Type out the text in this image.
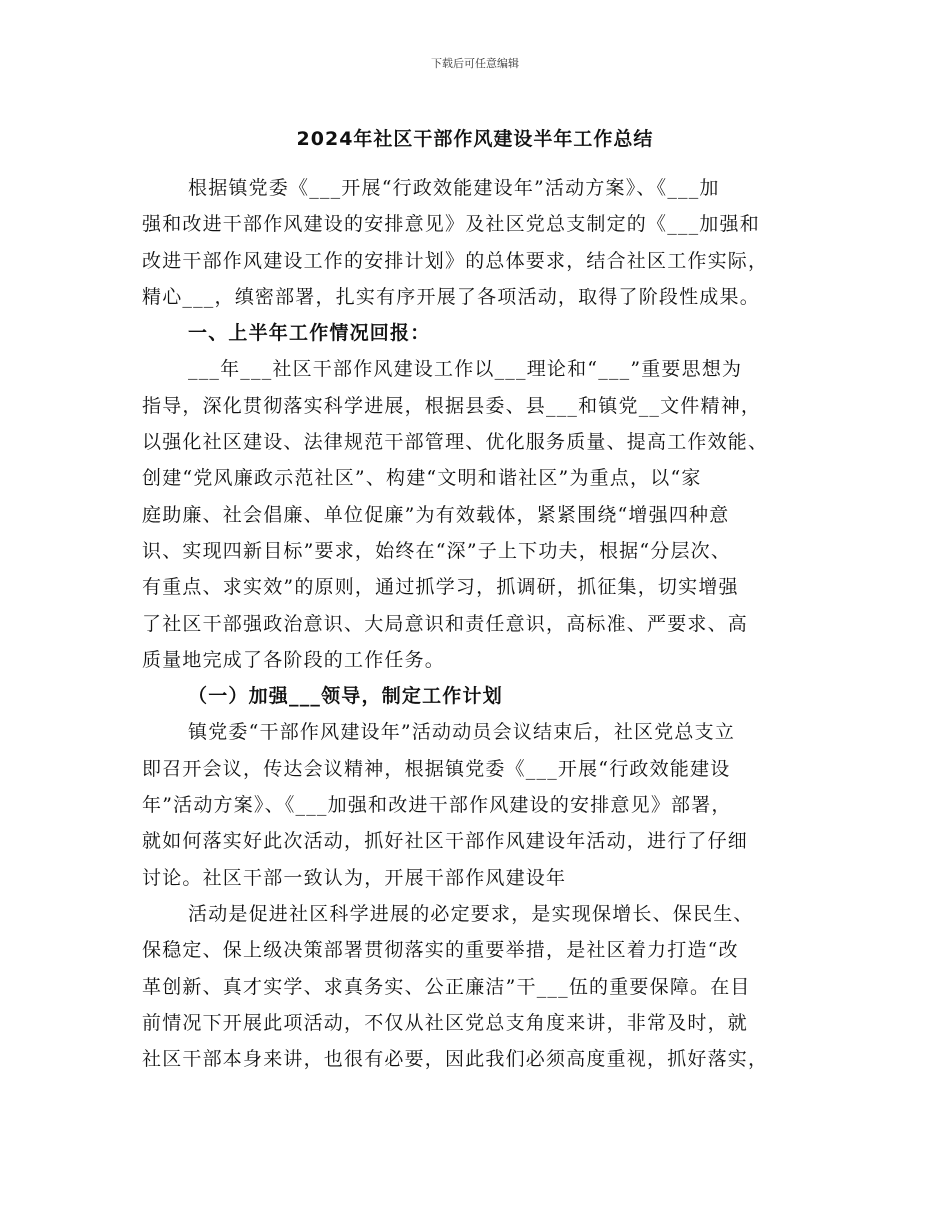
下载后可任意编辑
2024年社区干部作风建设半年工作总结
根据镇党委《___开展“行政效能建设年”活动方案》、《___加
强和改进干部作风建设的安排意见》及社区党总支制定的《___加强和
改进干部作风建设工作的安排计划》的总体要求，结合社区工作实际，
精心___，缜密部署，扎实有序开展了各项活动，取得了阶段性成果。
一、上半年工作情况回报：
___年___社区干部作风建设工作以___理论和“___”重要思想为
指导，深化贯彻落实科学进展，根据县委、县___和镇党__文件精神，
以强化社区建设、法律规范干部管理、优化服务质量、提高工作效能、
创建“党风廉政示范社区”、构建“文明和谐社区”为重点，以“家
庭助廉、社会倡廉、单位促廉”为有效载体，紧紧围绕“增强四种意
识、实现四新目标”要求，始终在“深”子上下功夫，根据“分层次、
有重点、求实效”的原则，通过抓学习，抓调研，抓征集，切实增强
了社区干部强政治意识、大局意识和责任意识，高标准、严要求、高
质量地完成了各阶段的工作任务。
（一）加强___领导，制定工作计划
镇党委“干部作风建设年”活动动员会议结束后，社区党总支立
即召开会议，传达会议精神，根据镇党委《___开展“行政效能建设
年”活动方案》、《___加强和改进干部作风建设的安排意见》部署，
就如何落实好此次活动，抓好社区干部作风建设年活动，进行了仔细
讨论。社区干部一致认为，开展干部作风建设年
活动是促进社区科学进展的必定要求，是实现保增长、保民生、
保稳定、保上级决策部署贯彻落实的重要举措，是社区着力打造“改
革创新、真才实学、求真务实、公正廉洁”干___伍的重要保障。在目
前情况下开展此项活动，不仅从社区党总支角度来讲，非常及时，就
社区干部本身来讲，也很有必要，因此我们必须高度重视，抓好落实，
